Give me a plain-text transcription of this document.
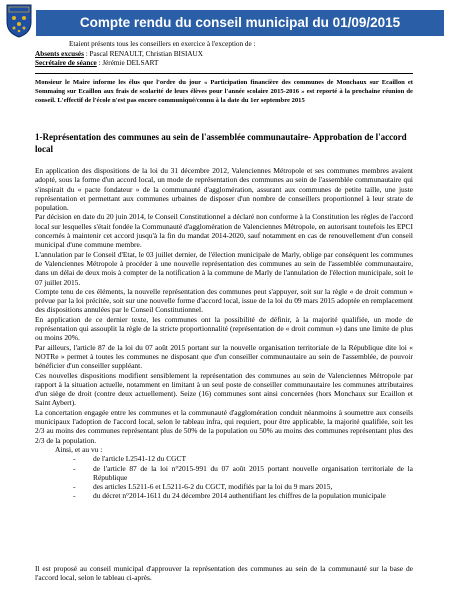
Compte rendu du conseil municipal du 01/09/2015
Etaient présents tous les conseillers en exercice à l'exception de :
Absents excusés : Pascal RENAULT, Christian BISIAUX
Secrétaire de séance : Jérémie DELSART
Monsieur le Maire informe les élus que l'ordre du jour « Participation financière des communes de Monchaux sur Ecaillon et Sommaing sur Ecaillon aux frais de scolarité de leurs élèves pour l'année scolaire 2015-2016 » est reporté à la prochaine réunion de conseil. L'effectif de l'école n'est pas encore communiqué/connu à la date du 1er septembre 2015
1-Représentation des communes au sein de l'assemblée communautaire- Approbation de l'accord local

En application des dispositions de la loi du 31 décembre 2012, Valenciennes Métropole et ses communes membres avaient adopté, sous la forme d'un accord local, un mode de représentation des communes au sein de l'assemblée communautaire qui s'inspirait du « pacte fondateur » de la communauté d'agglomération, assurant aux communes de petite taille, une juste représentation et permettant aux communes urbaines de disposer d'un nombre de conseillers proportionnel à leur strate de population.

Par décision en date du 20 juin 2014, le Conseil Constitutionnel a déclaré non conforme à la Constitution les règles de l'accord local sur lesquelles s'était fondée la Communauté d'agglomération de Valenciennes Métropole, en autorisant toutefois les EPCI concernés à maintenir cet accord jusqu'à la fin du mandat 2014-2020, sauf notamment en cas de renouvellement d'un conseil municipal d'une commune membre.

L'annulation par le Conseil d'Etat, le 03 juillet dernier, de l'élection municipale de Marly, oblige par conséquent les communes de Valenciennes Métropole à procéder à une nouvelle représentation des communes au sein de l'assemblée communautaire, dans un délai de deux mois à compter de la notification à la commune de Marly de l'annulation de l'élection municipale, soit le 07 juillet 2015.

Compte tenu de ces éléments, la nouvelle représentation des communes peut s'appuyer, soit sur la règle « de droit commun » prévue par la loi précitée, soit sur une nouvelle forme d'accord local, issue de la loi du 09 mars 2015 adoptée en remplacement des dispositions annulées par le Conseil Constitutionnel.

En application de ce dernier texte, les communes ont la possibilité de définir, à la majorité qualifiée, un mode de représentation qui assouplit la règle de la stricte proportionnalité (représentation de « droit commun ») dans une limite de plus ou moins 20%.

Par ailleurs, l'article 87 de la loi du 07 août 2015 portant sur la nouvelle organisation territoriale de la République dite loi « NOTRe » permet à toutes les communes ne disposant que d'un conseiller communautaire au sein de l'assemblée, de pouvoir bénéficier d'un conseiller suppléant.

Ces nouvelles dispositions modifient sensiblement la représentation des communes au sein de Valenciennes Métropole par rapport à la situation actuelle, notamment en limitant à un seul poste de conseiller communautaire les communes attributaires d'un siège de droit (contre deux actuellement). Seize (16) communes sont ainsi concernées (hors Monchaux sur Ecaillon et Saint Aybert).

La concertation engagée entre les communes et la communauté d'agglomération conduit néanmoins à soumettre aux conseils municipaux l'adoption de l'accord local, selon le tableau infra, qui requiert, pour être applicable, la majorité qualifiée, soit les 2/3 au moins des communes représentant plus de 50% de la population ou 50% au moins des communes représentant plus des 2/3 de la population.

Ainsi, et au vu :

- de l'article L2541-12 du CGCT
- de l'article 87 de la loi n°2015-991 du 07 août 2015 portant nouvelle organisation territoriale de la République
- des articles L5211-6 et L5211-6-2 du CGCT, modifiés par la loi du 9 mars 2015,
- du décret n°2014-1611 du 24 décembre 2014 authentifiant les chiffres de la population municipale

Il est proposé au conseil municipal d'approuver la représentation des communes au sein de la communauté sur la base de l'accord local, selon le tableau ci-après.
